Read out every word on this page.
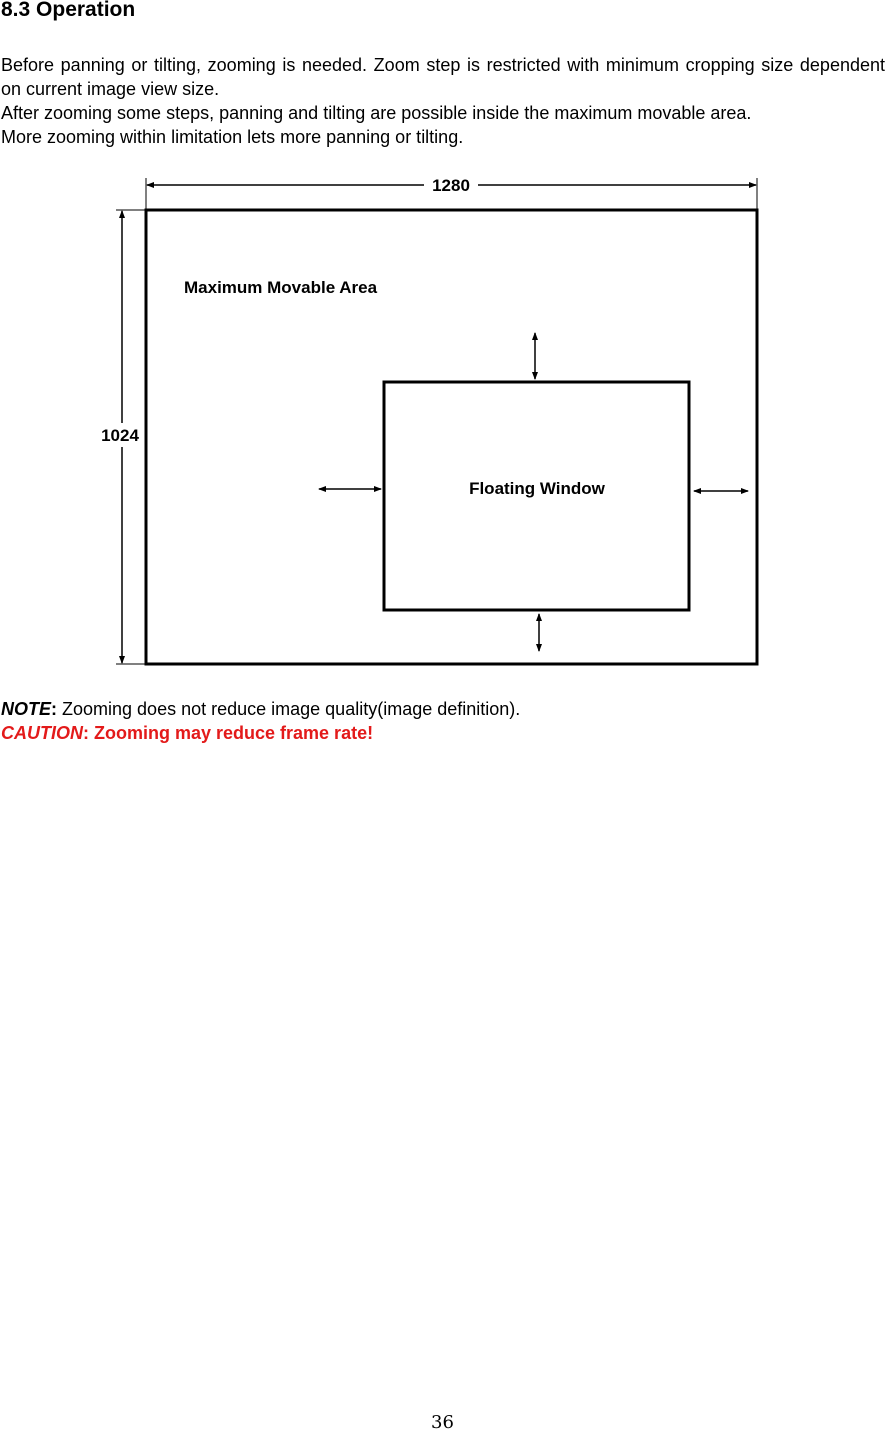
8.3 Operation
Before panning or tilting, zooming is needed. Zoom step is restricted with minimum cropping size dependent on current image view size.
After zooming some steps, panning and tilting are possible inside the maximum movable area.
More zooming within limitation lets more panning or tilting.
1280
1024
Maximum Movable Area
Floating Window

NOTE: Zooming does not reduce image quality(image definition).

CAUTION: Zooming may reduce frame rate!

36
